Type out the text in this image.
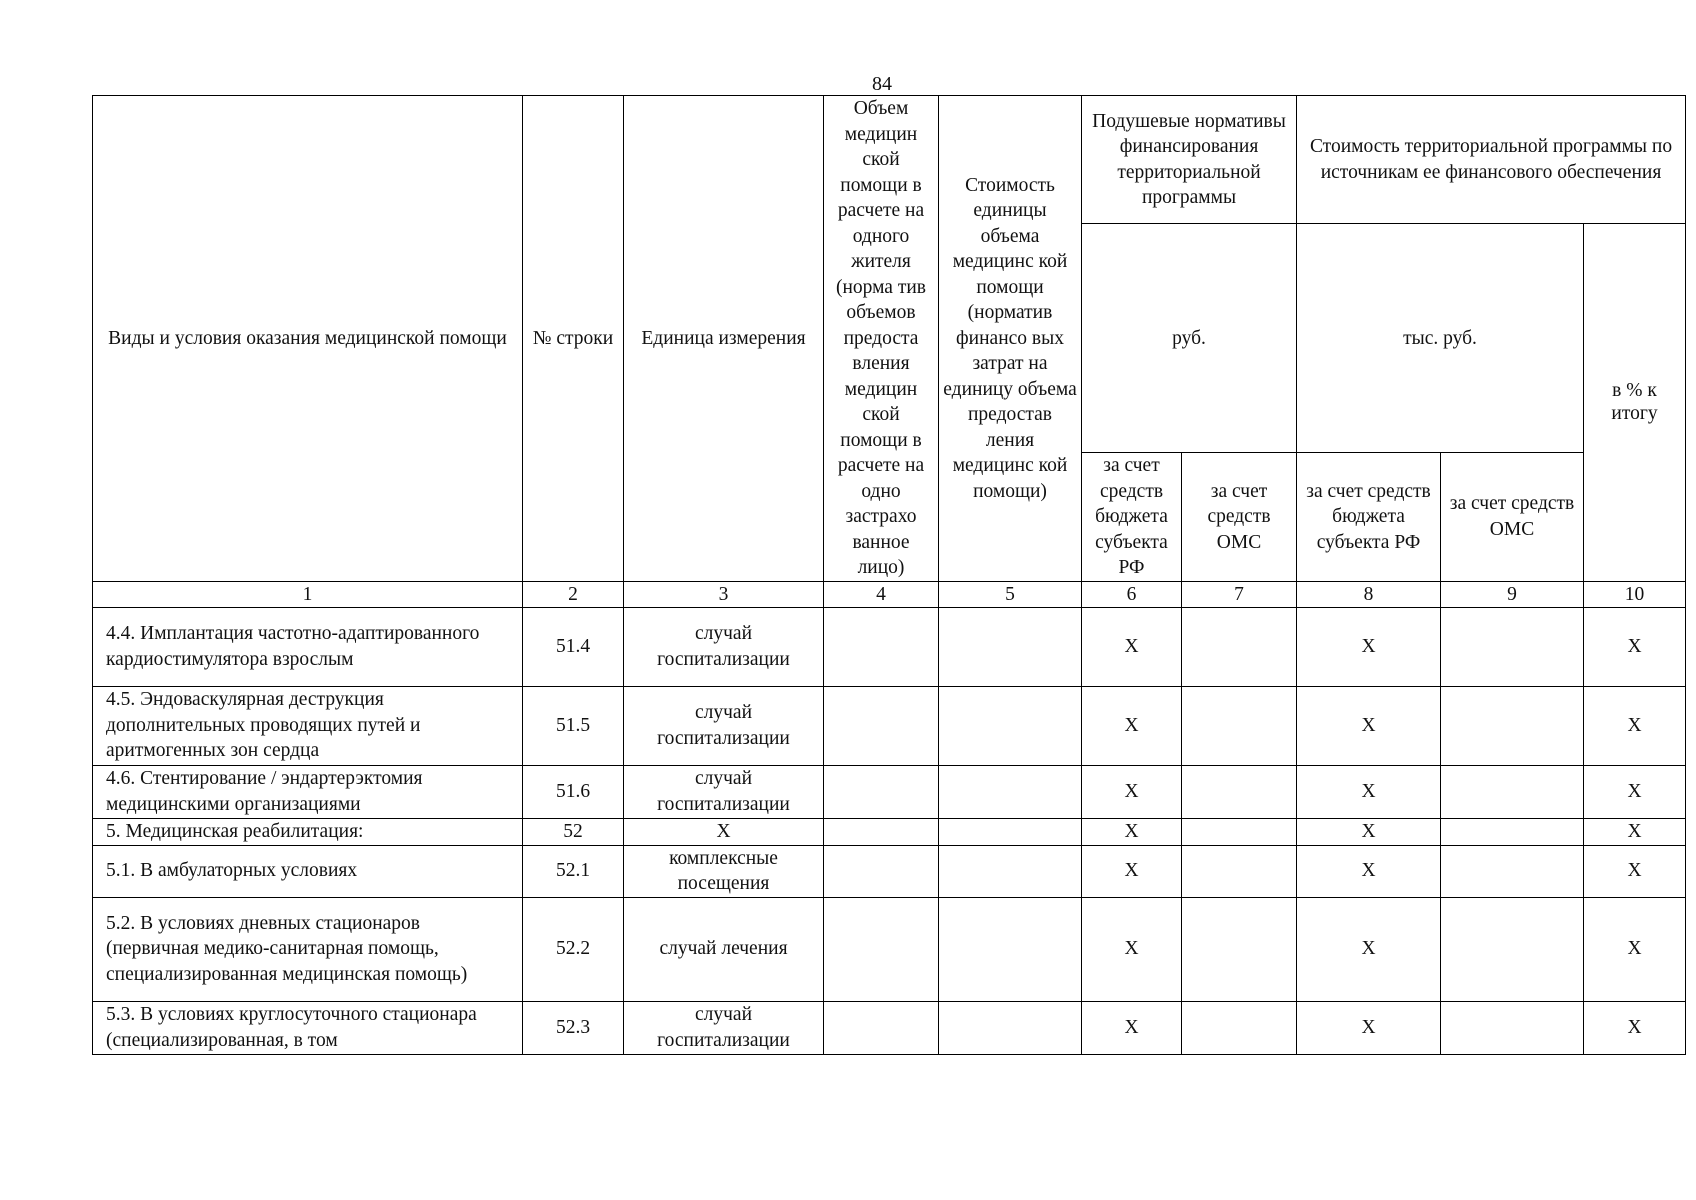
84
Виды и условия оказания медицинской помощи	№ строки	Единица измерения	Объем медицин ской помощи в расчете на одного жителя (норма тив объемов предоста вления медицин ской помощи в расчете на одно застрахо ванное лицо)	Стоимость единицы объема медицинс кой помощи (норматив финансо вых затрат на единицу объема предостав ления медицинс кой помощи)	Подушевые нормативы финансирования территориальной программы		Стоимость территориальной программы по источникам ее финансового обеспечения		
					руб.		тыс. руб.		в % к итогу
					за счет средств бюджета субъекта РФ	за счет средств ОМС	за счет средств бюджета субъекта РФ	за счет средств ОМС	
1	2	3	4	5	6	7	8	9	10
4.4. Имплантация частотно-адаптированного кардиостимулятора взрослым	51.4	случай госпитализации			X		X		X
4.5. Эндоваскулярная деструкция дополнительных проводящих путей и аритмогенных зон сердца	51.5	случай госпитализации			X		X		X
4.6. Стентирование / эндартерэктомия медицинскими организациями	51.6	случай госпитализации			X		X		X
5. Медицинская реабилитация:	52	X			X		X		X
5.1. В амбулаторных условиях	52.1	комплексные посещения			X		X		X
5.2. В условиях дневных стационаров (первичная медико-санитарная помощь, специализированная медицинская помощь)	52.2	случай лечения			X		X		X
5.3. В условиях круглосуточного стационара (специализированная, в том	52.3	случай госпитализации			X		X		X
